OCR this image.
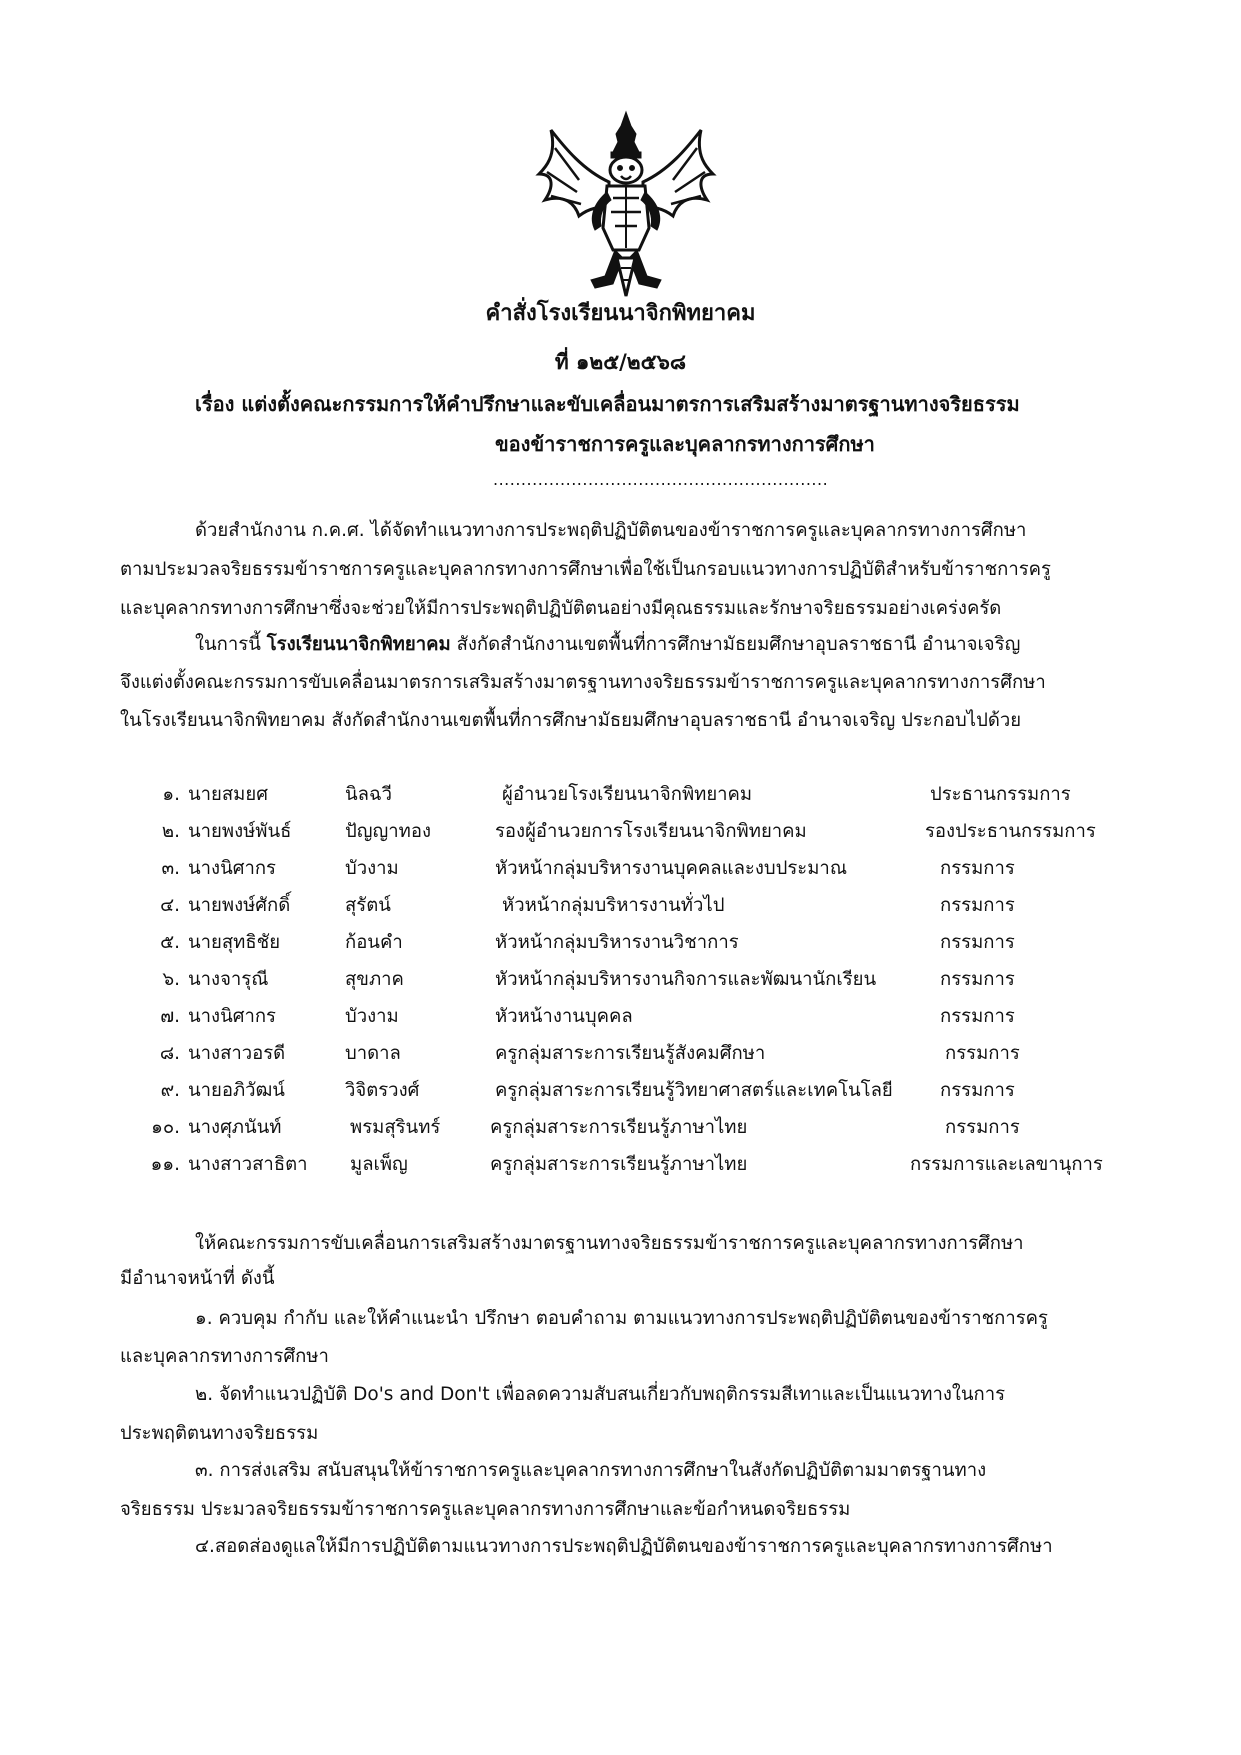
คำสั่งโรงเรียนนาจิกพิทยาคม
ที่ ๑๒๕/๒๕๖๘
เรื่อง แต่งตั้งคณะกรรมการให้คำปรึกษาและขับเคลื่อนมาตรการเสริมสร้างมาตรฐานทางจริยธรรม
ของข้าราชการครูและบุคลากรทางการศึกษา
............................................................
ด้วยสำนักงาน ก.ค.ศ. ได้จัดทำแนวทางการประพฤติปฏิบัติตนของข้าราชการครูและบุคลากรทางการศึกษา
ตามประมวลจริยธรรมข้าราชการครูและบุคลากรทางการศึกษาเพื่อใช้เป็นกรอบแนวทางการปฏิบัติสำหรับข้าราชการครู
และบุคลากรทางการศึกษาซึ่งจะช่วยให้มีการประพฤติปฏิบัติตนอย่างมีคุณธรรมและรักษาจริยธรรมอย่างเคร่งครัด
ในการนี้ โรงเรียนนาจิกพิทยาคม สังกัดสำนักงานเขตพื้นที่การศึกษามัธยมศึกษาอุบลราชธานี อำนาจเจริญ
จึงแต่งตั้งคณะกรรมการขับเคลื่อนมาตรการเสริมสร้างมาตรฐานทางจริยธรรมข้าราชการครูและบุคลากรทางการศึกษา
ในโรงเรียนนาจิกพิทยาคม สังกัดสำนักงานเขตพื้นที่การศึกษามัธยมศึกษาอุบลราชธานี อำนาจเจริญ ประกอบไปด้วย
๑. นายสมยศ	นิลฉวี	ผู้อำนวยโรงเรียนนาจิกพิทยาคม	ประธานกรรมการ
๒. นายพงษ์พันธ์	ปัญญาทอง	รองผู้อำนวยการโรงเรียนนาจิกพิทยาคม	รองประธานกรรมการ
๓. นางนิศากร	บัวงาม	หัวหน้ากลุ่มบริหารงานบุคคลและงบประมาณ	กรรมการ
๔. นายพงษ์ศักดิ์	สุรัตน์	หัวหน้ากลุ่มบริหารงานทั่วไป	กรรมการ
๕. นายสุทธิชัย	ก้อนคำ	หัวหน้ากลุ่มบริหารงานวิชาการ	กรรมการ
๖. นางจารุณี	สุขภาค	หัวหน้ากลุ่มบริหารงานกิจการและพัฒนานักเรียน	กรรมการ
๗. นางนิศากร	บัวงาม	หัวหน้างานบุคคล	กรรมการ
๘. นางสาวอรดี	บาดาล	ครูกลุ่มสาระการเรียนรู้สังคมศึกษา	กรรมการ
๙. นายอภิวัฒน์	วิจิตรวงศ์	ครูกลุ่มสาระการเรียนรู้วิทยาศาสตร์และเทคโนโลยี	กรรมการ
๑๐. นางศุภนันท์	พรมสุรินทร์	ครูกลุ่มสาระการเรียนรู้ภาษาไทย	กรรมการ
๑๑. นางสาวสาธิตา มูลเพ็ญ	ครูกลุ่มสาระการเรียนรู้ภาษาไทย	กรรมการและเลขานุการ
ให้คณะกรรมการขับเคลื่อนการเสริมสร้างมาตรฐานทางจริยธรรมข้าราชการครูและบุคลากรทางการศึกษา
มีอำนาจหน้าที่ ดังนี้
๑. ควบคุม กำกับ และให้คำแนะนำ ปรึกษา ตอบคำถาม ตามแนวทางการประพฤติปฏิบัติตนของข้าราชการครู
และบุคลากรทางการศึกษา
๒. จัดทำแนวปฏิบัติ Do's and Don't เพื่อลดความสับสนเกี่ยวกับพฤติกรรมสีเทาและเป็นแนวทางในการ
ประพฤติตนทางจริยธรรม
๓. การส่งเสริม สนับสนุนให้ข้าราชการครูและบุคลากรทางการศึกษาในสังกัดปฏิบัติตามมาตรฐานทาง
จริยธรรม ประมวลจริยธรรมข้าราชการครูและบุคลากรทางการศึกษาและข้อกำหนดจริยธรรม
๔.สอดส่องดูแลให้มีการปฏิบัติตามแนวทางการประพฤติปฏิบัติตนของข้าราชการครูและบุคลากรทางการศึกษา
